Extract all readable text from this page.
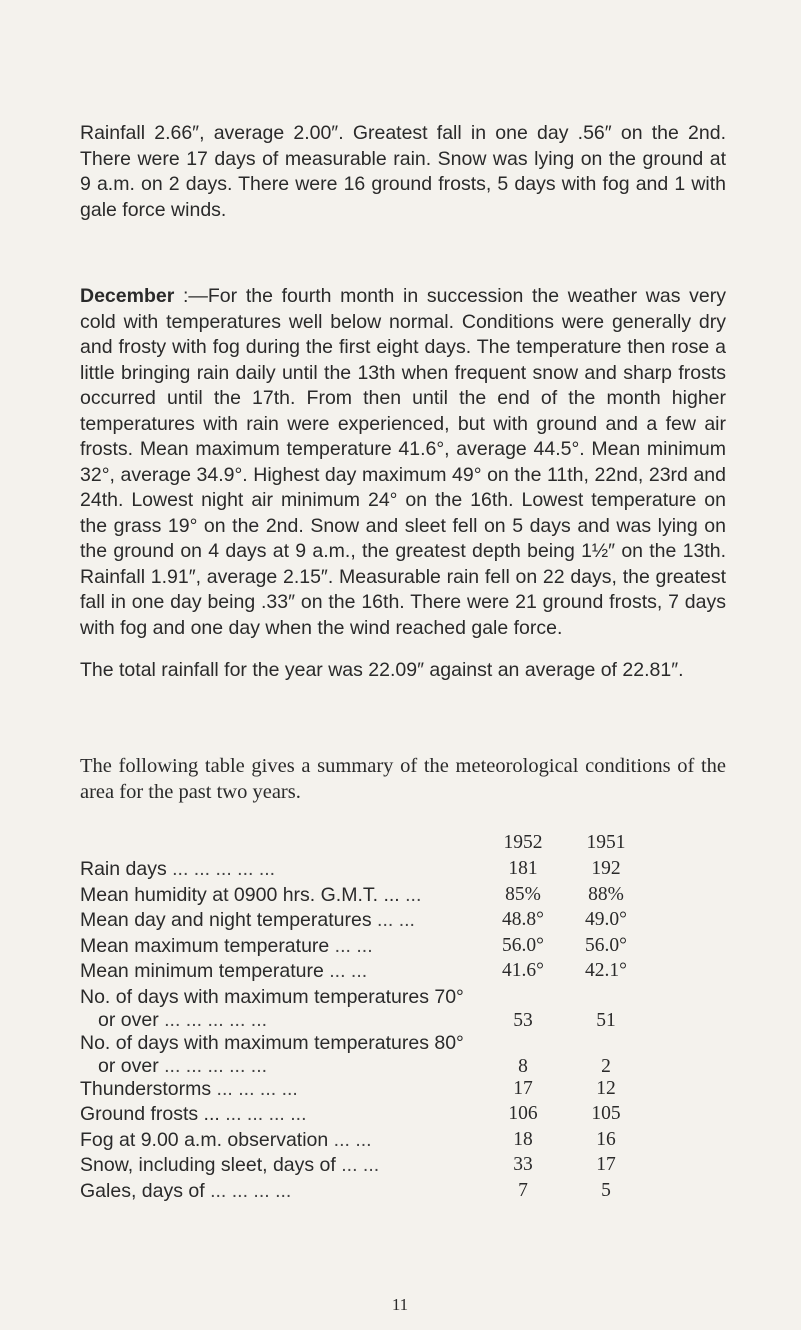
Rainfall 2.66″, average 2.00″. Greatest fall in one day .56″ on the 2nd. There were 17 days of measurable rain. Snow was lying on the ground at 9 a.m. on 2 days. There were 16 ground frosts, 5 days with fog and 1 with gale force winds.

December :—For the fourth month in succession the weather was very cold with temperatures well below normal. Conditions were generally dry and frosty with fog during the first eight days. The temperature then rose a little bringing rain daily until the 13th when frequent snow and sharp frosts occurred until the 17th. From then until the end of the month higher temperatures with rain were experienced, but with ground and a few air frosts. Mean maximum temperature 41.6°, average 44.5°. Mean minimum 32°, average 34.9°. Highest day maximum 49° on the 11th, 22nd, 23rd and 24th. Lowest night air minimum 24° on the 16th. Lowest temperature on the grass 19° on the 2nd. Snow and sleet fell on 5 days and was lying on the ground on 4 days at 9 a.m., the greatest depth being 1½″ on the 13th. Rainfall 1.91″, average 2.15″. Measurable rain fell on 22 days, the greatest fall in one day being .33″ on the 16th. There were 21 ground frosts, 7 days with fog and one day when the wind reached gale force.

The total rainfall for the year was 22.09″ against an average of 22.81″.

The following table gives a summary of the meteorological conditions of the area for the past two years.

1952	1951
Rain days ... ... ... ... ...	181	192
Mean humidity at 0900 hrs. G.M.T. ... ...	85%	88%
Mean day and night temperatures ... ...	48.8°	49.0°
Mean maximum temperature ... ...	56.0°	56.0°
Mean minimum temperature ... ...	41.6°	42.1°
No. of days with maximum temperatures 70°
or over ... ... ... ... ...	53	51
No. of days with maximum temperatures 80°
or over ... ... ... ... ...	8	2
Thunderstorms ... ... ... ...	17	12
Ground frosts ... ... ... ... ...	106	105
Fog at 9.00 a.m. observation ... ...	18	16
Snow, including sleet, days of ... ...	33	17
Gales, days of ... ... ... ...	7	5
11
